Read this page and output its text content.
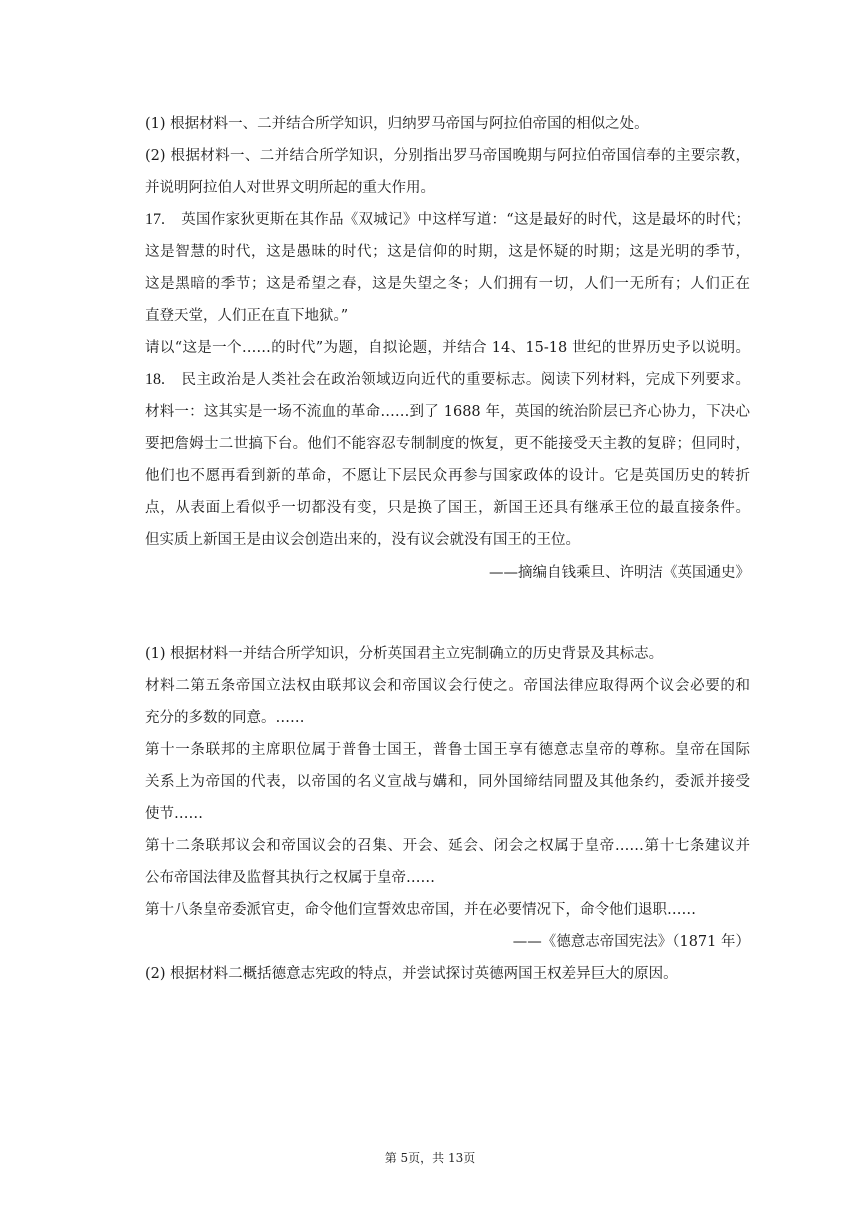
(1) 根据材料一、二并结合所学知识，归纳罗马帝国与阿拉伯帝国的相似之处。
(2) 根据材料一、二并结合所学知识，分别指出罗马帝国晚期与阿拉伯帝国信奉的主要宗教，
并说明阿拉伯人对世界文明所起的重大作用。
17. 英国作家狄更斯在其作品《双城记》中这样写道：“这是最好的时代，这是最坏的时代；
这是智慧的时代，这是愚昧的时代；这是信仰的时期，这是怀疑的时期；这是光明的季节，
这是黑暗的季节；这是希望之春，这是失望之冬；人们拥有一切，人们一无所有；人们正在
直登天堂，人们正在直下地狱。”
请以“这是一个……的时代”为题，自拟论题，并结合 14、15-18 世纪的世界历史予以说明。
18. 民主政治是人类社会在政治领域迈向近代的重要标志。阅读下列材料，完成下列要求。
材料一：这其实是一场不流血的革命……到了 1688 年，英国的统治阶层已齐心协力，下决心
要把詹姆士二世搞下台。他们不能容忍专制制度的恢复，更不能接受天主教的复辟；但同时，
他们也不愿再看到新的革命，不愿让下层民众再参与国家政体的设计。它是英国历史的转折
点，从表面上看似乎一切都没有变，只是换了国王，新国王还具有继承王位的最直接条件。
但实质上新国王是由议会创造出来的，没有议会就没有国王的王位。
——摘编自钱乘旦、许明洁《英国通史》
(1) 根据材料一并结合所学知识，分析英国君主立宪制确立的历史背景及其标志。
材料二第五条帝国立法权由联邦议会和帝国议会行使之。帝国法律应取得两个议会必要的和
充分的多数的同意。……
第十一条联邦的主席职位属于普鲁士国王，普鲁士国王享有德意志皇帝的尊称。皇帝在国际
关系上为帝国的代表，以帝国的名义宣战与媾和，同外国缔结同盟及其他条约，委派并接受
使节……
第十二条联邦议会和帝国议会的召集、开会、延会、闭会之权属于皇帝……第十七条建议并
公布帝国法律及监督其执行之权属于皇帝……
第十八条皇帝委派官吏，命令他们宣誓效忠帝国，并在必要情况下，命令他们退职……
——《德意志帝国宪法》（1871 年）
(2) 根据材料二概括德意志宪政的特点，并尝试探讨英德两国王权差异巨大的原因。
第 5页，共 13页
